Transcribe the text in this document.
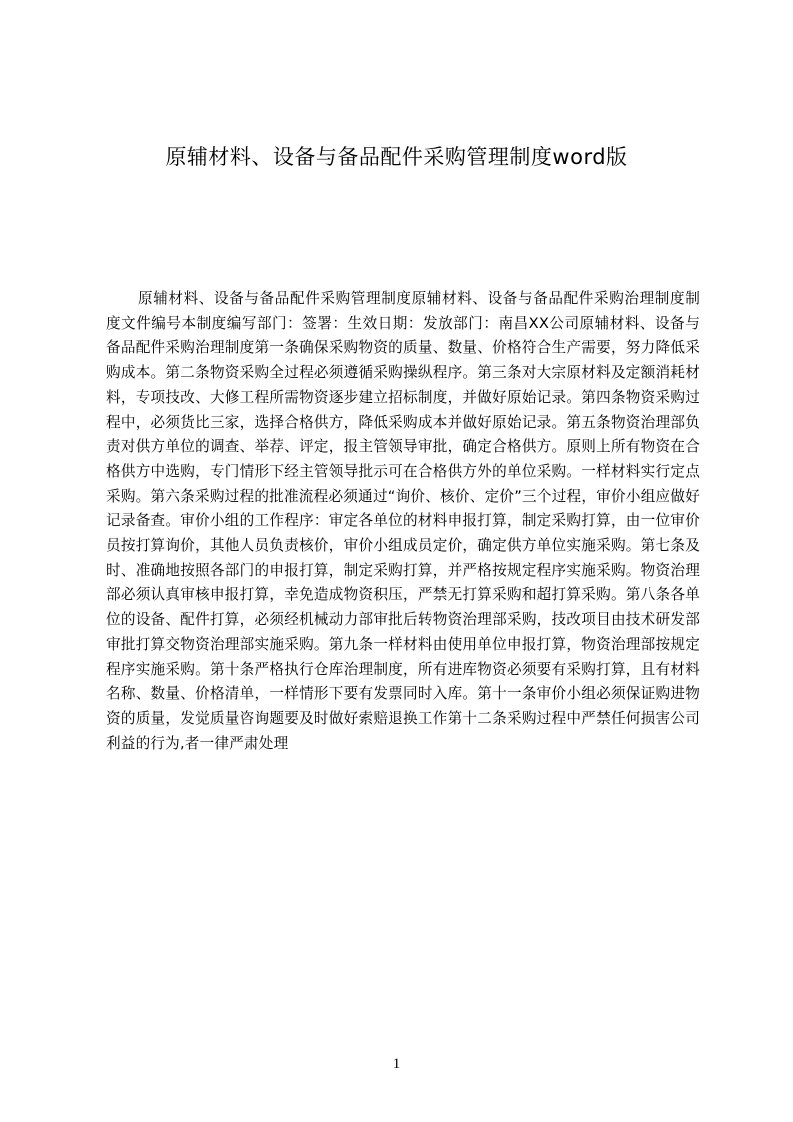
原辅材料、设备与备品配件采购管理制度word版

原辅材料、设备与备品配件采购管理制度原辅材料、设备与备品配件采购治理制度制度文件编号本制度编写部门：签署：生效日期：发放部门：南昌XX公司原辅材料、设备与备品配件采购治理制度第一条确保采购物资的质量、数量、价格符合生产需要，努力降低采购成本。第二条物资采购全过程必须遵循采购操纵程序。第三条对大宗原材料及定额消耗材料，专项技改、大修工程所需物资逐步建立招标制度，并做好原始记录。第四条物资采购过程中，必须货比三家，选择合格供方，降低采购成本并做好原始记录。第五条物资治理部负责对供方单位的调查、举荐、评定，报主管领导审批，确定合格供方。原则上所有物资在合格供方中选购，专门情形下经主管领导批示可在合格供方外的单位采购。一样材料实行定点采购。第六条采购过程的批准流程必须通过“询价、核价、定价”三个过程，审价小组应做好记录备查。审价小组的工作程序：审定各单位的材料申报打算，制定采购打算，由一位审价员按打算询价，其他人员负责核价，审价小组成员定价，确定供方单位实施采购。第七条及时、准确地按照各部门的申报打算，制定采购打算，并严格按规定程序实施采购。物资治理部必须认真审核申报打算，幸免造成物资积压，严禁无打算采购和超打算采购。第八条各单位的设备、配件打算，必须经机械动力部审批后转物资治理部采购，技改项目由技术研发部审批打算交物资治理部实施采购。第九条一样材料由使用单位申报打算，物资治理部按规定程序实施采购。第十条严格执行仓库治理制度，所有进库物资必须要有采购打算，且有材料名称、数量、价格清单，一样情形下要有发票同时入库。第十一条审价小组必须保证购进物资的质量，发觉质量咨询题要及时做好索赔退换工作第十二条采购过程中严禁任何损害公司利益的行为,者一律严肃处理

1
